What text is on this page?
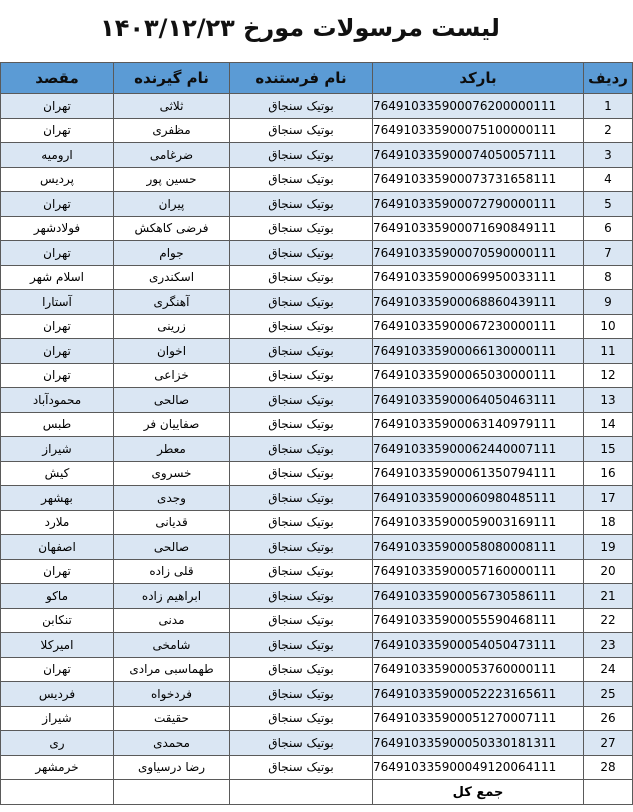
لیست مرسولات مورخ ۱۴۰۳/۱۲/۲۳
مقصد	نام گیرنده	نام فرستنده	بارکد	ردیف
تهران	ثلاثی	بوتیک سنجاق	764910335900076200000111	1
تهران	مظفری	بوتیک سنجاق	764910335900075100000111	2
ارومیه	ضرغامی	بوتیک سنجاق	764910335900074050057111	3
پردیس	حسین پور	بوتیک سنجاق	764910335900073731658111	4
تهران	پیران	بوتیک سنجاق	764910335900072790000111	5
فولادشهر	فرضی کاهکش	بوتیک سنجاق	764910335900071690849111	6
تهران	جوام	بوتیک سنجاق	764910335900070590000111	7
اسلام شهر	اسکندری	بوتیک سنجاق	764910335900069950033111	8
آستارا	آهنگری	بوتیک سنجاق	764910335900068860439111	9
تهران	زرینی	بوتیک سنجاق	764910335900067230000111	10
تهران	اخوان	بوتیک سنجاق	764910335900066130000111	11
تهران	خزاعی	بوتیک سنجاق	764910335900065030000111	12
محمودآباد	صالحی	بوتیک سنجاق	764910335900064050463111	13
طبس	صفاییان فر	بوتیک سنجاق	764910335900063140979111	14
شیراز	معطر	بوتیک سنجاق	764910335900062440007111	15
کیش	خسروی	بوتیک سنجاق	764910335900061350794111	16
بهشهر	وجدی	بوتیک سنجاق	764910335900060980485111	17
ملارد	قدیانی	بوتیک سنجاق	764910335900059003169111	18
اصفهان	صالحی	بوتیک سنجاق	764910335900058080008111	19
تهران	قلی زاده	بوتیک سنجاق	764910335900057160000111	20
ماکو	ابراهیم زاده	بوتیک سنجاق	764910335900056730586111	21
تنکابن	مدنی	بوتیک سنجاق	764910335900055590468111	22
امیرکلا	شامخی	بوتیک سنجاق	764910335900054050473111	23
تهران	طهماسبی مرادی	بوتیک سنجاق	764910335900053760000111	24
فردیس	فردخواه	بوتیک سنجاق	764910335900052223165611	25
شیراز	حقیقت	بوتیک سنجاق	764910335900051270007111	26
ری	محمدی	بوتیک سنجاق	764910335900050330181311	27
خرمشهر	رضا درسیاوی	بوتیک سنجاق	764910335900049120064111	28
			جمع کل	
